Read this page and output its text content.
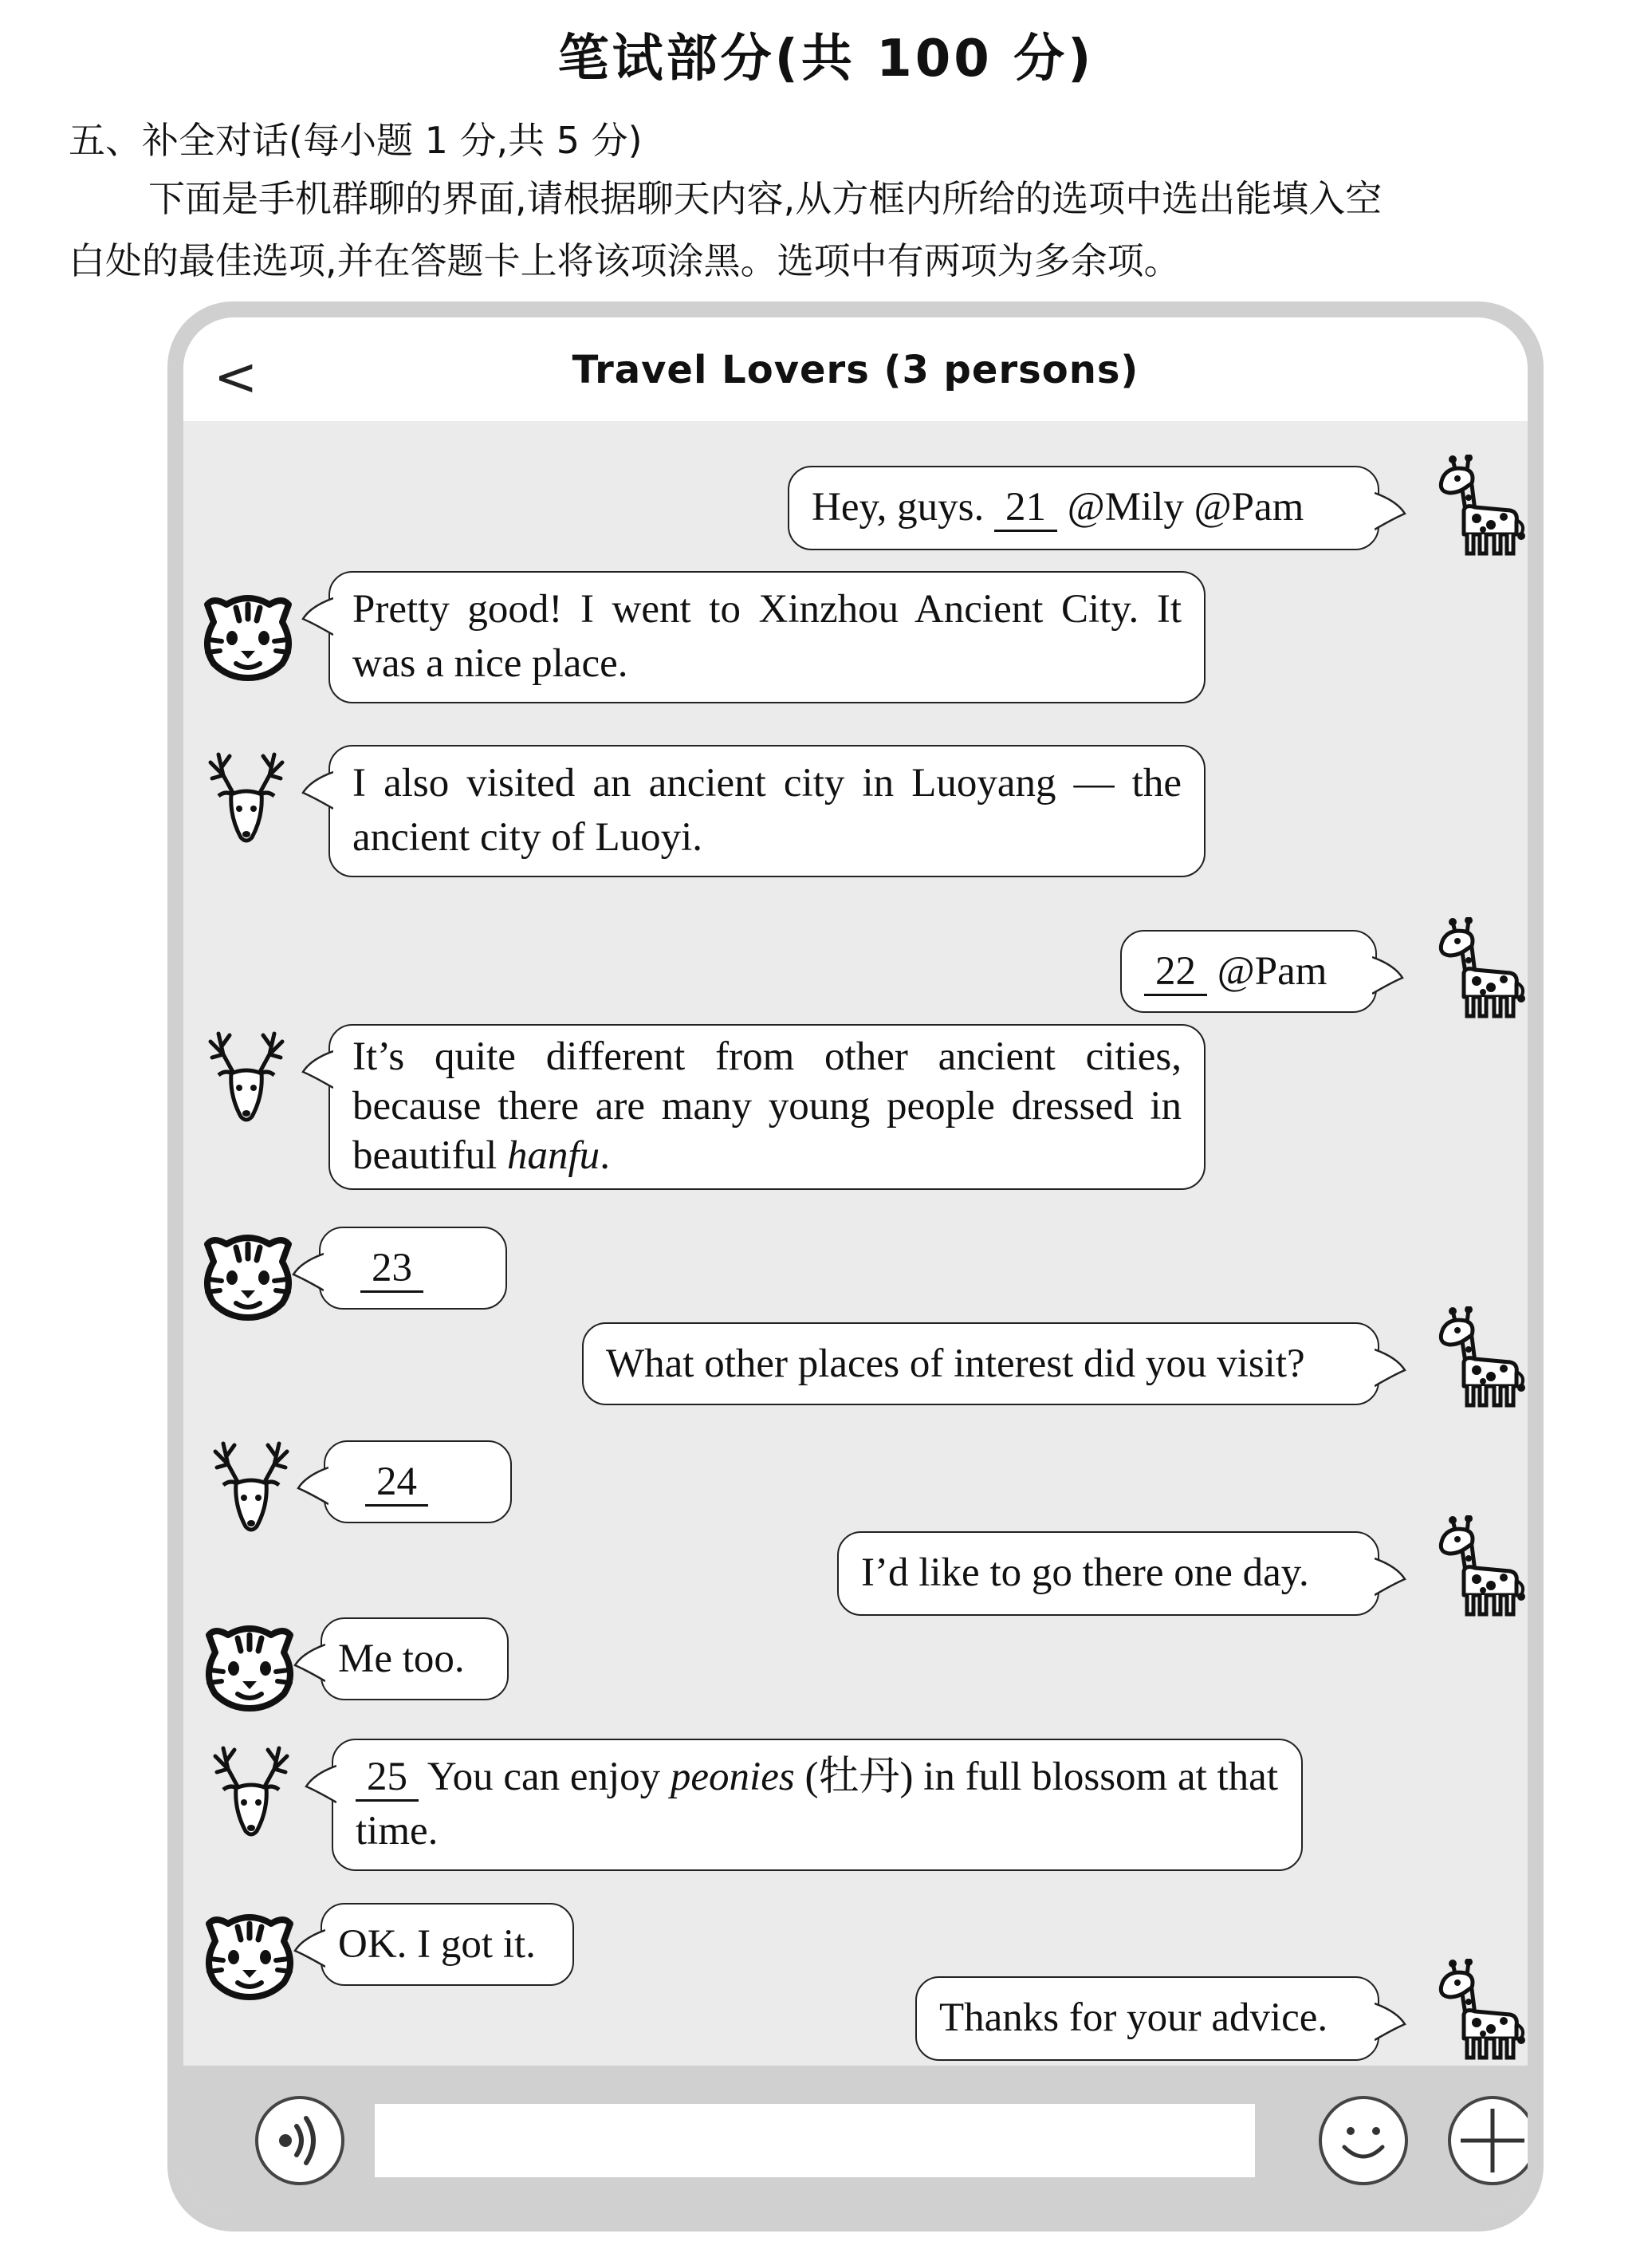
笔试部分(共 100 分)
五、补全对话(每小题 1 分,共 5 分)
下面是手机群聊的界面,请根据聊天内容,从方框内所给的选项中选出能填入空
白处的最佳选项,并在答题卡上将该项涂黑。选项中有两项为多余项。
<	Travel Lovers (3 persons)
Hey, guys. 21 @Mily @Pam
Pretty good! I went to Xinzhou Ancient City. It was a nice place.
I also visited an ancient city in Luoyang — the ancient city of Luoyi.
22 @Pam
It’s quite different from other ancient cities, because there are many young people dressed in beautiful hanfu.
23
What other places of interest did you visit?
24
I’d like to go there one day.
Me too.
25 You can enjoy peonies (牡丹) in full blossom at that time.
OK. I got it.
Thanks for your advice.
